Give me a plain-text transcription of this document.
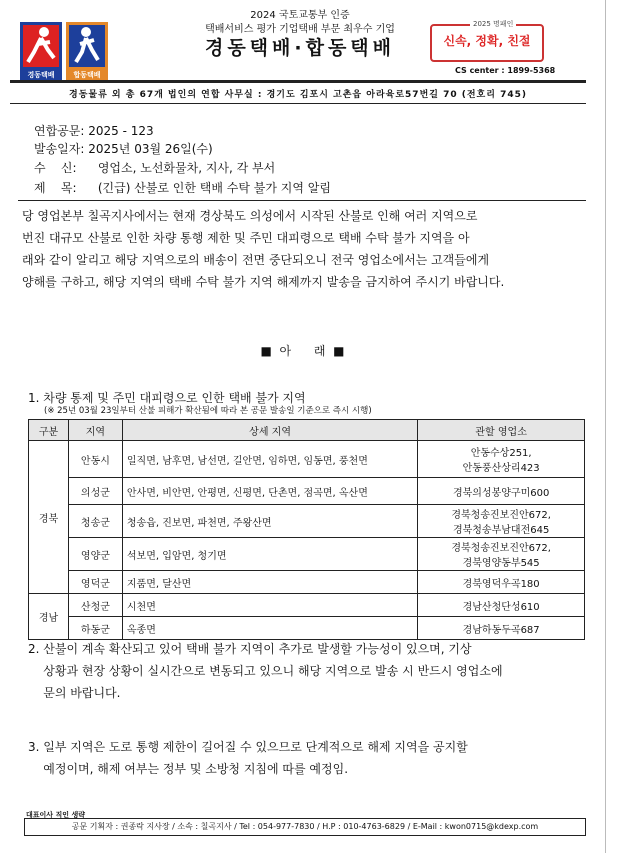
경동택배	합동택배
2024 국토교통부 인증
택배서비스 평가 기업택배 부문 최우수 기업
경동택배·합동택배
2025 명패인
신속, 정확, 친절
CS center : 1899-5368
경동물류 외 총 67개 법인의 연합 사무실 : 경기도 김포시 고촌읍 아라육로57번길 70 (전호리 745)
연합공문: 2025 - 123
발송일자: 2025년 03월 26일(수)
수    신: 영업소, 노선화물차, 지사, 각 부서
제    목: (긴급) 산불로 인한 택배 수탁 불가 지역 알림
당 영업본부 칠곡지사에서는 현재 경상북도 의성에서 시작된 산불로 인해 여러 지역으로
번진 대규모 산불로 인한 차량 통행 제한 및 주민 대피령으로 택배 수탁 불가 지역을 아
래와 같이 알리고 해당 지역으로의 배송이 전면 중단되오니 전국 영업소에서는 고객들에게
양해를 구하고, 해당 지역의 택배 수탁 불가 지역 해제까지 발송을 금지하여 주시기 바랍니다.
■  아      래  ■
1. 차량 통제 및 주민 대피령으로 인한 택배 불가 지역
(※ 25년 03월 23일부터 산불 피해가 확산됨에 따라 본 공문 발송일 기준으로 즉시 시행)
구분	지역	상세 지역	관할 영업소
경북	안동시	일직면, 남후면, 남선면, 길안면, 임하면, 임동면, 풍천면	안동수상251,
안동풍산상리423

	의성군	안사면, 비안면, 안평면, 신평면, 단촌면, 점곡면, 옥산면	경북의성봉양구미600
	청송군	청송읍, 진보면, 파천면, 주왕산면	경북청송진보진안672,
경북청송부남대전645

	영양군	석보면, 입암면, 청기면	경북청송진보진안672,
경북영양동부545

	영덕군	지품면, 달산면	경북영덕우곡180
경남	산청군	시천면	경남산청단성610
	하동군	옥종면	경남하동두곡687
2. 산불이 계속 확산되고 있어 택배 불가 지역이 추가로 발생할 가능성이 있으며, 기상
상황과 현장 상황이 실시간으로 변동되고 있으니 해당 지역으로 발송 시 반드시 영업소에
문의 바랍니다.
3. 일부 지역은 도로 통행 제한이 길어질 수 있으므로 단계적으로 해제 지역을 공지할
예정이며, 해제 여부는 정부 및 소방청 지침에 따를 예정임.
대표이사 직인 생략
공문 기획자 : 권종락 지사장 / 소속 : 칠곡지사 / Tel : 054-977-7830 / H.P : 010-4763-6829 / E-Mail : kwon0715@kdexp.com
